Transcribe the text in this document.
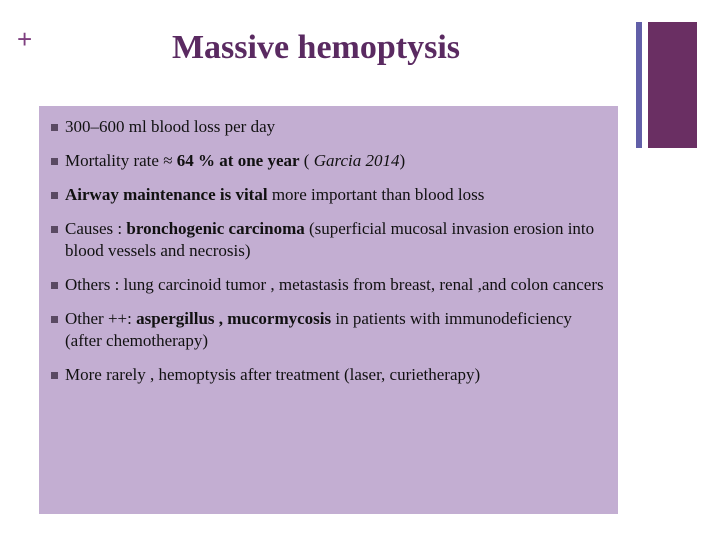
+	Massive hemoptysis
300–600 ml blood loss per day
Mortality rate ≈ 64 % at one year ( Garcia 2014)
Airway maintenance is vital more important than blood loss
Causes : bronchogenic carcinoma (superficial mucosal invasion erosion into blood vessels and necrosis)
Others : lung carcinoid tumor , metastasis from breast, renal ,and colon cancers
Other ++: aspergillus , mucormycosis in patients with immunodeficiency (after chemotherapy)
More rarely , hemoptysis after treatment (laser, curietherapy)
